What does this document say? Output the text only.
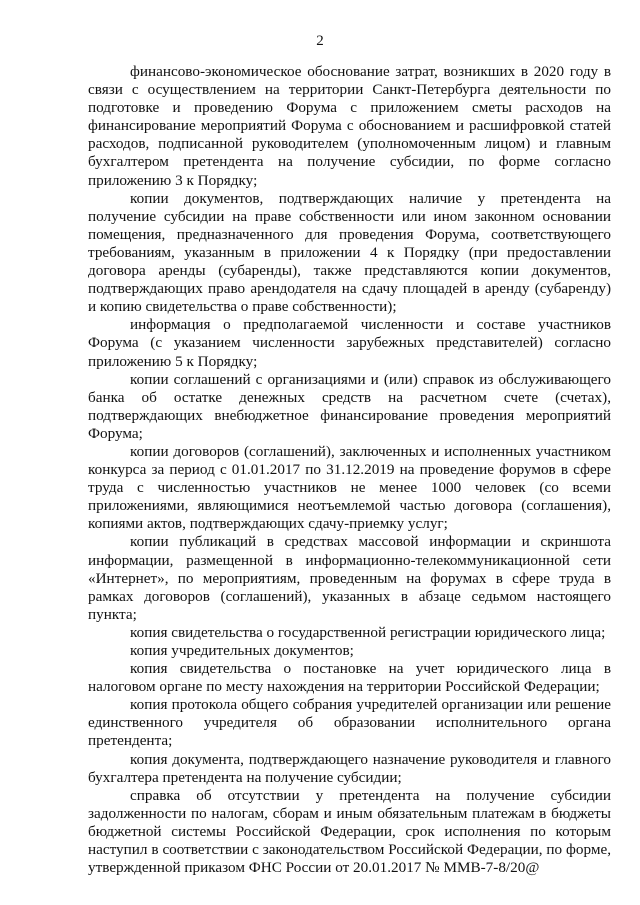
2

финансово-экономическое обоснование затрат, возникших в 2020 году в связи с осуществлением на территории Санкт-Петербурга деятельности по подготовке и проведению Форума с приложением сметы расходов на финансирование мероприятий Форума с обоснованием и расшифровкой статей расходов, подписанной руководителем (уполномоченным лицом) и главным бухгалтером претендента на получение субсидии, по форме согласно приложению 3 к Порядку;

копии документов, подтверждающих наличие у претендента на получение субсидии на праве собственности или ином законном основании помещения, предназначенного для проведения Форума, соответствующего требованиям, указанным в приложении 4 к Порядку (при предоставлении договора аренды (субаренды), также представляются копии документов, подтверждающих право арендодателя на сдачу площадей в аренду (субаренду) и копию свидетельства о праве собственности);

информация о предполагаемой численности и составе участников Форума (с указанием численности зарубежных представителей) согласно приложению 5 к Порядку;

копии соглашений с организациями и (или) справок из обслуживающего банка об остатке денежных средств на расчетном счете (счетах), подтверждающих внебюджетное финансирование проведения мероприятий Форума;

копии договоров (соглашений), заключенных и исполненных участником конкурса за период с 01.01.2017 по 31.12.2019 на проведение форумов в сфере труда с численностью участников не менее 1000 человек (со всеми приложениями, являющимися неотъемлемой частью договора (соглашения), копиями актов, подтверждающих сдачу-приемку услуг;

копии публикаций в средствах массовой информации и скриншота информации, размещенной в информационно-телекоммуникационной сети «Интернет», по мероприятиям, проведенным на форумах в сфере труда в рамках договоров (соглашений), указанных в абзаце седьмом настоящего пункта;

копия свидетельства о государственной регистрации юридического лица;

копия учредительных документов;

копия свидетельства о постановке на учет юридического лица в налоговом органе по месту нахождения на территории Российской Федерации;

копия протокола общего собрания учредителей организации или решение единственного учредителя об образовании исполнительного органа претендента;

копия документа, подтверждающего назначение руководителя и главного бухгалтера претендента на получение субсидии;

справка об отсутствии у претендента на получение субсидии задолженности по налогам, сборам и иным обязательным платежам в бюджеты бюджетной системы Российской Федерации, срок исполнения по которым наступил в соответствии с законодательством Российской Федерации, по форме, утвержденной приказом ФНС России от 20.01.2017 № ММВ-7-8/20@
